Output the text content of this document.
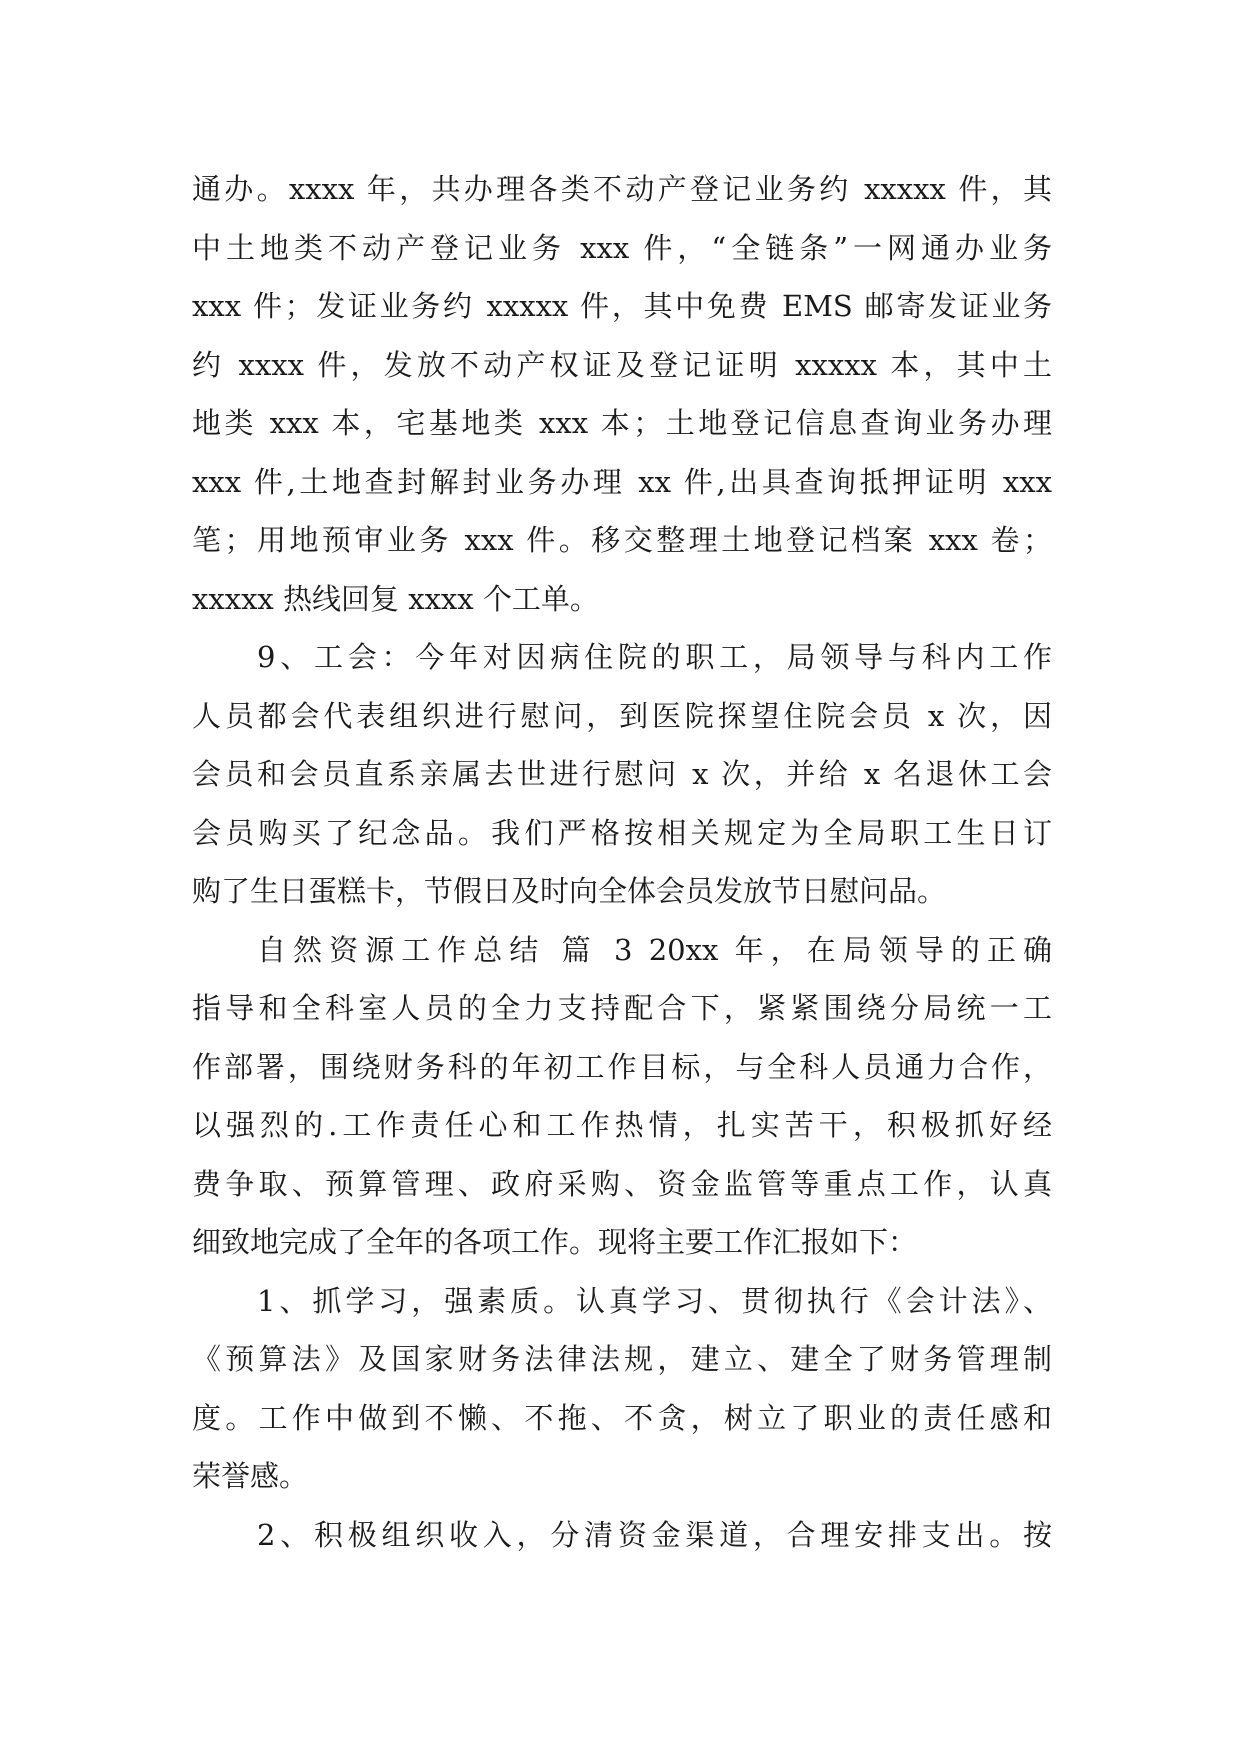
通办。xxxx 年，共办理各类不动产登记业务约 xxxxx 件，其
中土地类不动产登记业务 xxx 件，“全链条”一网通办业务
xxx 件；发证业务约 xxxxx 件，其中免费 EMS 邮寄发证业务
约 xxxx 件，发放不动产权证及登记证明 xxxxx 本，其中土
地类 xxx 本，宅基地类 xxx 本；土地登记信息查询业务办理
xxx 件,土地查封解封业务办理 xx 件,出具查询抵押证明 xxx
笔；用地预审业务 xxx 件。移交整理土地登记档案 xxx 卷；
xxxxx 热线回复 xxxx 个工单。
9、工会：今年对因病住院的职工，局领导与科内工作
人员都会代表组织进行慰问，到医院探望住院会员 x 次，因
会员和会员直系亲属去世进行慰问 x 次，并给 x 名退休工会
会员购买了纪念品。我们严格按相关规定为全局职工生日订
购了生日蛋糕卡，节假日及时向全体会员发放节日慰问品。
自然资源工作总结 篇 3 20xx 年，在局领导的正确
指导和全科室人员的全力支持配合下，紧紧围绕分局统一工
作部署，围绕财务科的年初工作目标，与全科人员通力合作，
以强烈的.工作责任心和工作热情，扎实苦干，积极抓好经
费争取、预算管理、政府采购、资金监管等重点工作，认真
细致地完成了全年的各项工作。现将主要工作汇报如下：
1、抓学习，强素质。认真学习、贯彻执行《会计法》、
《预算法》及国家财务法律法规，建立、建全了财务管理制
度。工作中做到不懒、不拖、不贪，树立了职业的责任感和
荣誉感。
2、积极组织收入，分清资金渠道，合理安排支出。按
